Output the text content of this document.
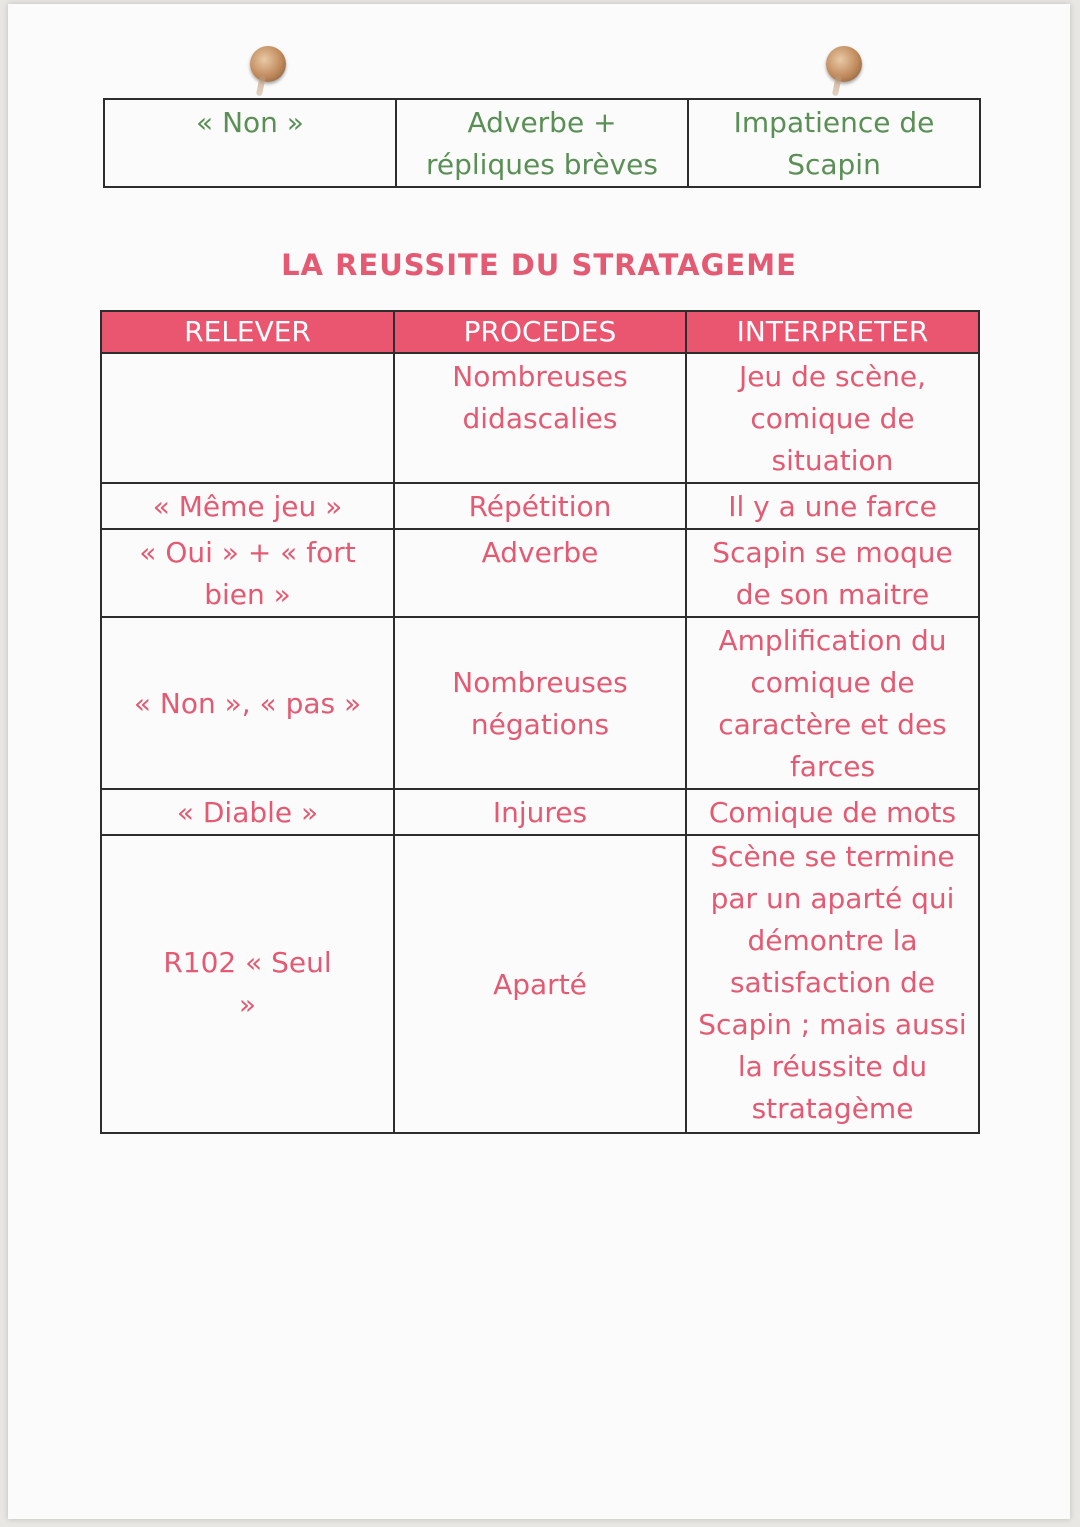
« Non »	Adverbe + répliques brèves	Impatience de Scapin
LA REUSSITE DU STRATAGEME
RELEVER	PROCEDES	INTERPRETER
	Nombreuses didascalies	Jeu de scène, comique de situation
« Même jeu »	Répétition	Il y a une farce
« Oui » + « fort bien »	Adverbe	Scapin se moque de son maitre
« Non », « pas »	Nombreuses négations	Amplification du comique de caractère et des farces
« Diable »	Injures	Comique de mots
R102 « Seul »	Aparté	Scène se termine par un aparté qui démontre la satisfaction de Scapin ; mais aussi la réussite du stratagème
